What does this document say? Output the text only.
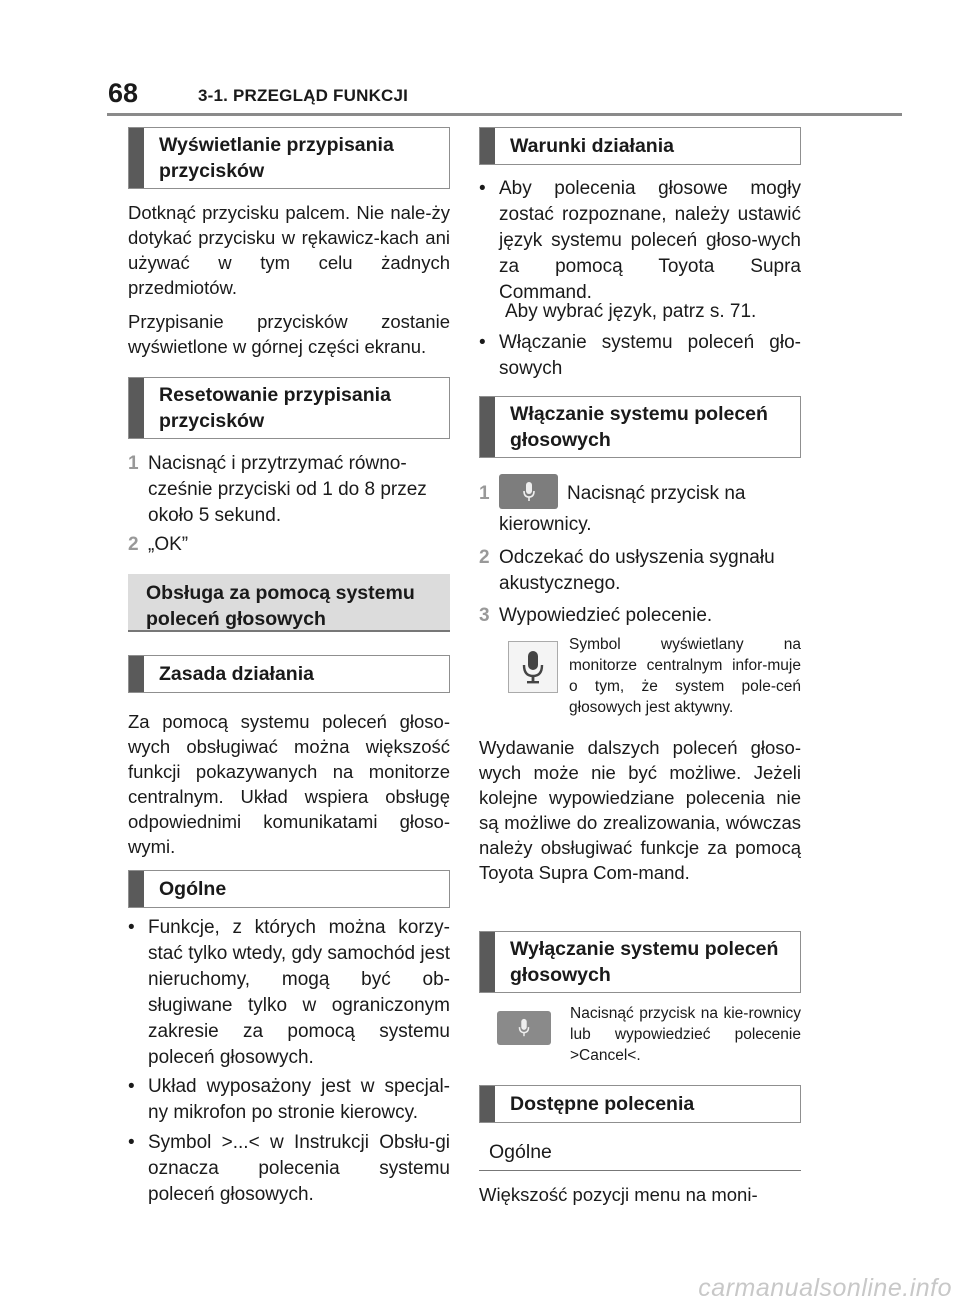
68	3-1. PRZEGLĄD FUNKCJI
Wyświetlanie przypisania przycisków
Dotknąć przycisku palcem. Nie nale-ży dotykać przycisku w rękawicz-kach ani używać w tym celu żadnych przedmiotów.
Przypisanie przycisków zostanie wyświetlone w górnej części ekranu.
Resetowanie przypisania przycisków
1 Nacisnąć i przytrzymać równo-cześnie przyciski od 1 do 8 przez około 5 sekund.
2 „OK”
Obsługa za pomocą systemu poleceń głosowych
Zasada działania
Za pomocą systemu poleceń głoso-wych obsługiwać można większość funkcji pokazywanych na monitorze centralnym. Układ wspiera obsługę odpowiednimi komunikatami głoso-wymi.
Ogólne
• Funkcje, z których można korzy-stać tylko wtedy, gdy samochód jest nieruchomy, mogą być ob-sługiwane tylko w ograniczonym zakresie za pomocą systemu poleceń głosowych.
• Układ wyposażony jest w specjal-ny mikrofon po stronie kierowcy.
• Symbol >...< w Instrukcji Obsłu-gi oznacza polecenia systemu poleceń głosowych.
Warunki działania
• Aby polecenia głosowe mogły zostać rozpoznane, należy ustawić język systemu poleceń głoso-wych za pomocą Toyota Supra Command.
Aby wybrać język, patrz s. 71.
• Włączanie systemu poleceń gło-sowych
Włączanie systemu poleceń głosowych
1	Nacisnąć przycisk na
kierownicy.
2 Odczekać do usłyszenia sygnału akustycznego.
3 Wypowiedzieć polecenie.
Symbol wyświetlany na monitorze centralnym infor-muje o tym, że system pole-ceń głosowych jest aktywny.
Wydawanie dalszych poleceń głoso-wych może nie być możliwe. Jeżeli kolejne wypowiedziane polecenia nie są możliwe do zrealizowania, wówczas należy obsługiwać funkcje za pomocą Toyota Supra Com-mand.
Wyłączanie systemu poleceń głosowych
Nacisnąć przycisk na kie-rownicy lub wypowiedzieć polecenie >Cancel<.
Dostępne polecenia
Ogólne
Większość pozycji menu na moni-
carmanualsonline.info
